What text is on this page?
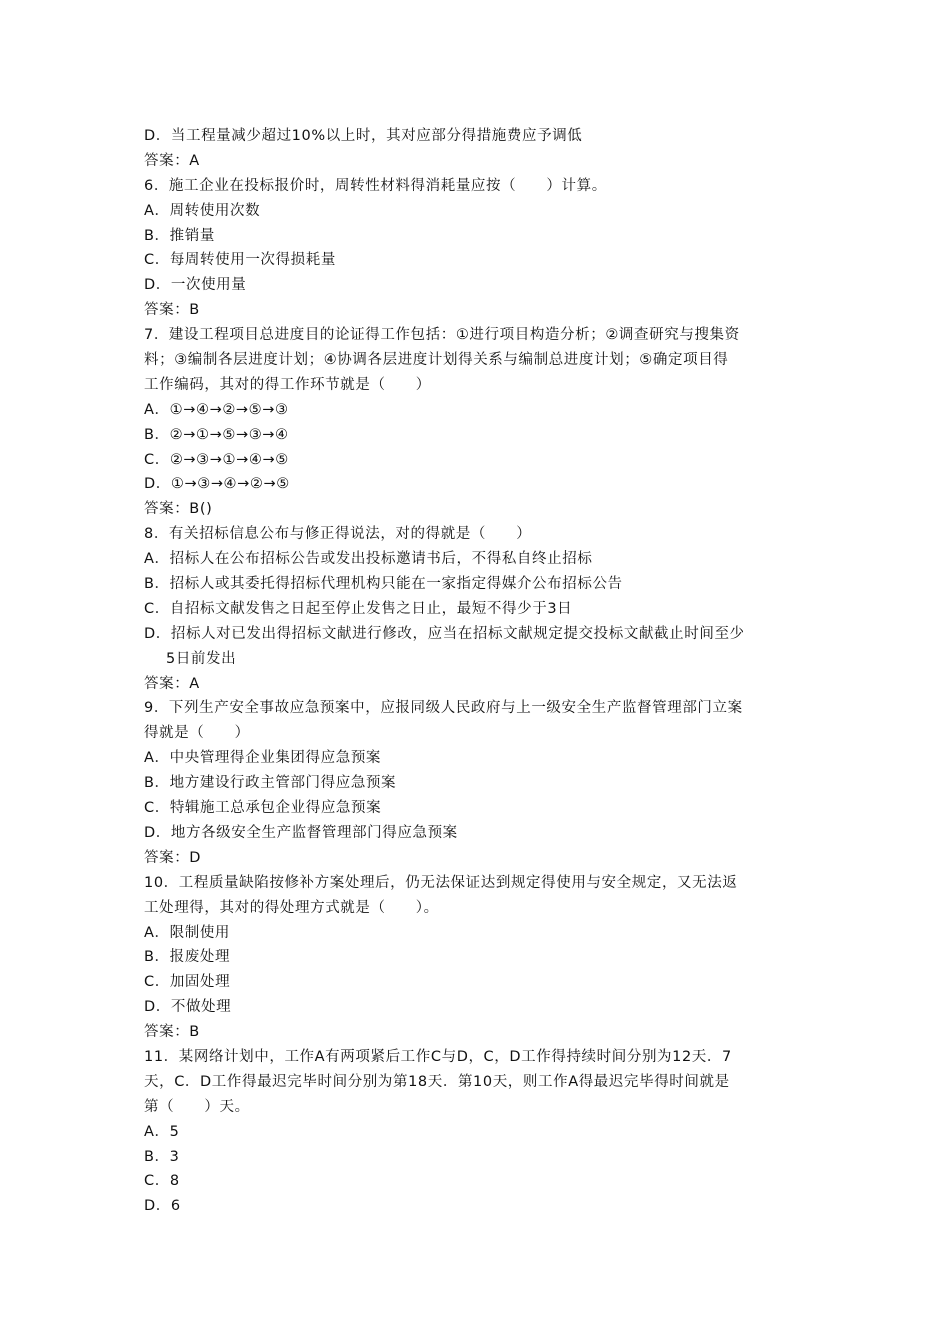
D．当工程量减少超过10%以上时，其对应部分得措施费应予调低
答案：A
6．施工企业在投标报价时，周转性材料得消耗量应按（　　）计算。
A．周转使用次数
B．推销量
C．每周转使用一次得损耗量
D．一次使用量
答案：B
7．建设工程项目总进度目的论证得工作包括：①进行项目构造分析；②调查研究与搜集资
料；③编制各层进度计划；④协调各层进度计划得关系与编制总进度计划；⑤确定项目得
工作编码，其对的得工作环节就是（　　）
A．①→④→②→⑤→③
B．②→①→⑤→③→④
C．②→③→①→④→⑤
D．①→③→④→②→⑤
答案：B()
8．有关招标信息公布与修正得说法，对的得就是（　　）
A．招标人在公布招标公告或发出投标邀请书后，不得私自终止招标
B．招标人或其委托得招标代理机构只能在一家指定得媒介公布招标公告
C．自招标文献发售之日起至停止发售之日止，最短不得少于3日
D．招标人对已发出得招标文献进行修改，应当在招标文献规定提交投标文献截止时间至少
5日前发出
答案：A
9．下列生产安全事故应急预案中，应报同级人民政府与上一级安全生产监督管理部门立案
得就是（　　）
A．中央管理得企业集团得应急预案
B．地方建设行政主管部门得应急预案
C．特辑施工总承包企业得应急预案
D．地方各级安全生产监督管理部门得应急预案
答案：D
10．工程质量缺陷按修补方案处理后，仍无法保证达到规定得使用与安全规定，又无法返
工处理得，其对的得处理方式就是（　　）。
A．限制使用
B．报废处理
C．加固处理
D．不做处理
答案：B
11．某网络计划中，工作A有两项紧后工作C与D，C，D工作得持续时间分别为12天．7
天，C．D工作得最迟完毕时间分别为第18天．第10天，则工作A得最迟完毕得时间就是
第（　　）天。
A．5
B．3
C．8
D．6
